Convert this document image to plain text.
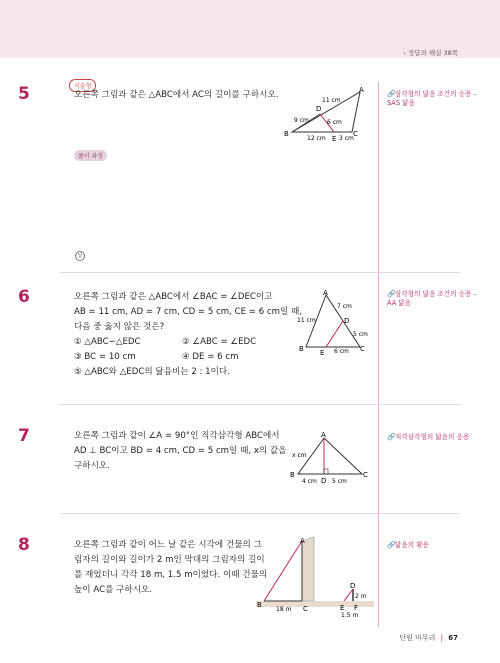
› 정답과 해설 38쪽
서술형
5	오른쪽 그림과 같은 △ABC에서 AC의 길이를 구하시오.	🔗삼각형의 닮음 조건의 응용 – SAS 닮음
풀이 과정
답
A
B	C
D
E
11 cm
9 cm	6 cm
12 cm 3 cm
6	오른쪽 그림과 같은 △ABC에서 ∠BAC = ∠DEC이고
AB = 11 cm, AD = 7 cm, CD = 5 cm, CE = 6 cm일 때,
다음 중 옳지 않은 것은?
① △ABC∽△EDC	② ∠ABC = ∠EDC
③ BC = 10 cm	④ DE = 6 cm
⑤ △ABC와 △EDC의 닮음비는 2 : 1이다.
🔗삼각형의 닮음 조건의 응용 – AA 닮음
A
B	C
D
E
11 cm
7 cm
5 cm
6 cm
7	오른쪽 그림과 같이 ∠A = 90°인 직각삼각형 ABC에서
AD ⊥ BC이고 BD = 4 cm, CD = 5 cm일 때, x의 값을
구하시오.
🔗직각삼각형의 닮음의 응용
A
B	C
D
x cm
4 cm	5 cm
8	오른쪽 그림과 같이 어느 날 같은 시각에 건물의 그
림자의 길이와 길이가 2 m인 막대의 그림자의 길이
를 재었더니 각각 18 m, 1.5 m이었다. 이때 건물의
높이 AC를 구하시오.
🔗닮음의 활용
A
B	C
D
E F
18 m
2 m
1.5 m
단원 마무리 | 67
